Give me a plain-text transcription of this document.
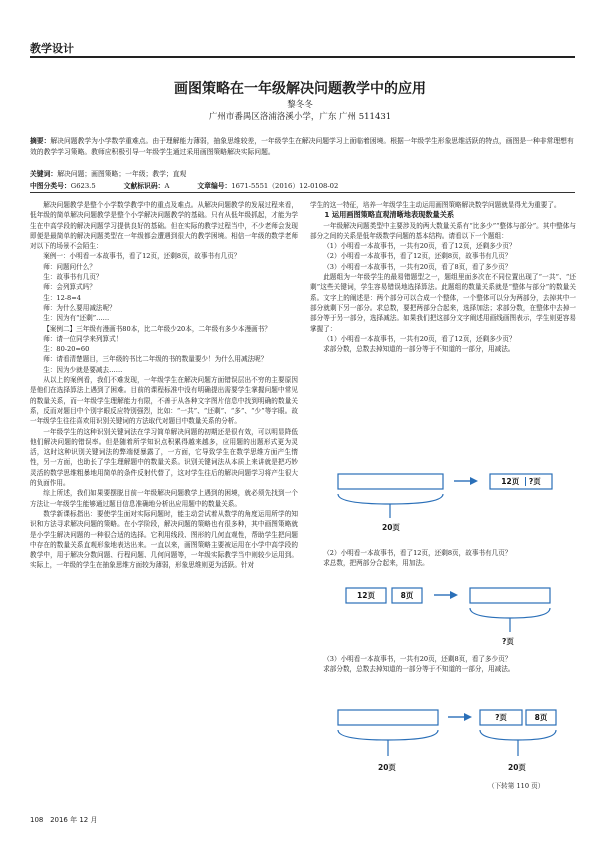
教学设计
画图策略在一年级解决问题教学中的应用
黎冬冬
广州市番禺区洛浦洛溪小学，广东 广州 511431
摘要：解决问题教学为小学数学重难点。由于理解能力薄弱，抽象思维较差，一年级学生在解决问题学习上面临着困境。根据一年级学生形象思维活跃的特点，画图是一种非常理想有效的教学学习策略。教师应积极引导一年级学生通过采用画图策略解决实际问题。
关键词：解决问题；画图策略；一年级；教学；直观
中图分类号：G623.5	文献标识码：A	文章编号：1671-5551（2016）12-0108-02

解决问题教学是整个小学数学教学中的重点及难点。从解决问题教学的发展过程来看，低年级的简单解决问题教学是整个小学解决问题教学的基础。只有从低年级抓起，才能为学生在中高学段的解决问题学习提供良好的基础。但在实际的教学过程当中，不少老师会发现即便是最简单的解决问题类型在一年级都会遭遇到很大的教学困境。相信一年级的数学老师对以下的场景不会陌生：

案例一：小明看一本故事书，看了12页，还剩8页，故事书有几页？

师：问题问什么？

生：故事书有几页？

师：会列算式吗？

生：12-8=4

师：为什么要用减法呢？

生：因为有“还剩”……

【案例二】三年级有漫画书80本，比二年级少20本，二年级有多少本漫画书？

师：请一位同学来列算式！

生：80-20=60

师：请看清楚题目，三年级的书比二年级的书的数量要少！为什么用减法呢？

生：因为少就是要减去……

从以上的案例看，我们不难发现，一年级学生在解决问题方面错误层出不穷的主要原因是他们在选择算法上遇到了困难。目前的课程标准中没有明确提出需要学生掌握问题中常见的数量关系，而一年级学生理解能力有限，不善于从各种文字图片信息中找到明确的数量关系，反而对题目中个别字眼反应特别强烈，比如：“一共”、“还剩”、“多”、“少”等字眼。故一年级学生往往喜欢用识别关键词的方法取代对题目中数量关系的分析。

一年级学生的这种识别关键词法在学习简单解决问题的初期还是很有效，可以明显降低他们解决问题的错误率。但是随着所学知识点积累得越来越多，应用题的出题形式更为灵活，这时这种识别关键词法的弊端便暴露了，一方面，它导致学生在数学思维方面产生惰性，另一方面，也助长了学生理解题中的数量关系。识别关键词法从本质上来讲就是把巧妙灵活的数学思维粗暴地用简单的条件反射代替了，这对学生往后的解决问题学习将产生很大的负面作用。

综上所述，我们如果要摆脱目前一年级解决问题教学上遇到的困境，就必须先找到一个方法让一年级学生能够通过题目信息准确地分析出应用题中的数量关系。

数学新课标指出：要使学生面对实际问题时，能主动尝试着从数学的角度运用所学的知识和方法寻求解决问题的策略。在小学阶段，解决问题的策略也有很多种，其中画图策略就是小学生解决问题的一种很合适的选择。它利用线段、图形的几何直观性，帮助学生把问题中存在的数量关系直观形象地表达出来。一直以来，画图策略主要被运用在小学中高学段的教学中，用于解决分数问题、行程问题、几何问题等，一年级实际教学当中则较少运用到。实际上，一年级的学生在抽象思维方面较为薄弱，形象思维则更为活跃。针对

学生的这一特征，培养一年级学生主动运用画图策略解决数学问题就显得尤为重要了。

1 运用画图策略直观清晰地表现数量关系

一年级解决问题类型中主要涉及的两大数量关系有“比多少”“整体与部分”。其中整体与部分之间的关系是低年级数学问题的基本结构。请看以下一个题组：

（1）小明看一本故事书，一共有20页，看了12页，还剩多少页？

（2）小明看一本故事书，看了12页，还剩8页，故事书有几页？

（3）小明看一本故事书，一共有20页，看了8页，看了多少页？

此题组为一年级学生的最易错题型之一，题组里面多次在不同位置出现了“一共”、“还剩”这些关键词，学生容易错误地选择算法。此题组的数量关系就是“整体与部分”的数量关系。文字上的阐述是：两个部分可以合成一个整体，一个整体可以分为两部分，去掉其中一部分就剩下另一部分。求总数，要把两部分合起来，选择加法；求部分数，在整体中去掉一部分等于另一部分，选择减法。如果我们把这部分文字阐述用画线画图表示，学生则更容易掌握了：

（1）小明看一本故事书，一共有20页，看了12页，还剩多少页？

求部分数，总数去掉知道的一部分等于不知道的一部分，用减法。

12页 ?页
20页

（2）小明看一本故事书，看了12页，还剩8页，故事书有几页？

求总数，把两部分合起来，用加法。

12页	8页
?页

（3）小明看一本故事书，一共有20页，还剩8页，看了多少页？

求部分数，总数去掉知道的一部分等于不知道的一部分，用减法。

?页	8页
20页	20页
（下转第 110 页）
108 2016 年 12 月
